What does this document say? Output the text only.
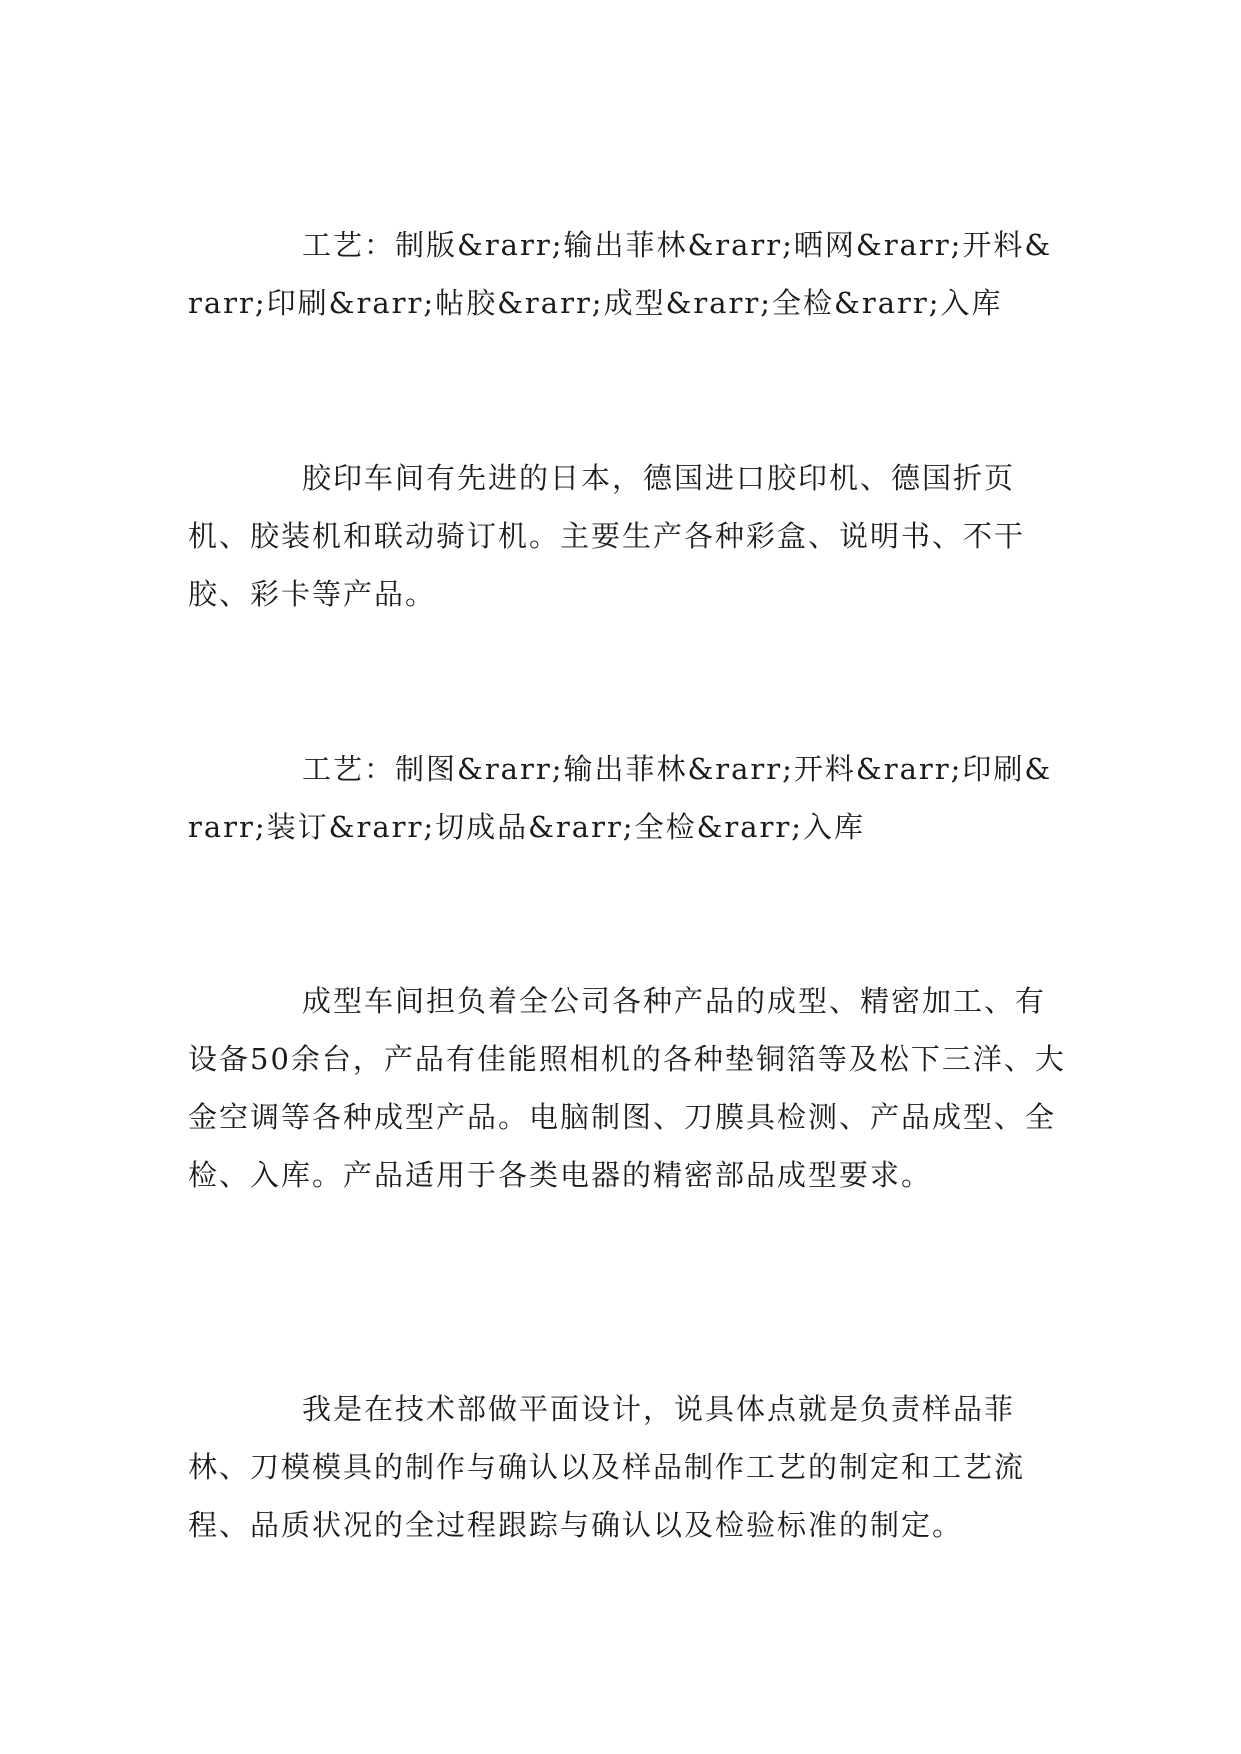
工艺：制版&rarr;输出菲林&rarr;晒网&rarr;开料&rarr;印刷&rarr;帖胶&rarr;成型&rarr;全检&rarr;入库

胶印车间有先进的日本，德国进口胶印机、德国折页机、胶装机和联动骑订机。主要生产各种彩盒、说明书、不干胶、彩卡等产品。

工艺：制图&rarr;输出菲林&rarr;开料&rarr;印刷&rarr;装订&rarr;切成品&rarr;全检&rarr;入库

成型车间担负着全公司各种产品的成型、精密加工、有设备50余台，产品有佳能照相机的各种垫铜箔等及松下三洋、大金空调等各种成型产品。电脑制图、刀膜具检测、产品成型、全检、入库。产品适用于各类电器的精密部品成型要求。

我是在技术部做平面设计，说具体点就是负责样品菲林、刀模模具的制作与确认以及样品制作工艺的制定和工艺流程、品质状况的全过程跟踪与确认以及检验标准的制定。
